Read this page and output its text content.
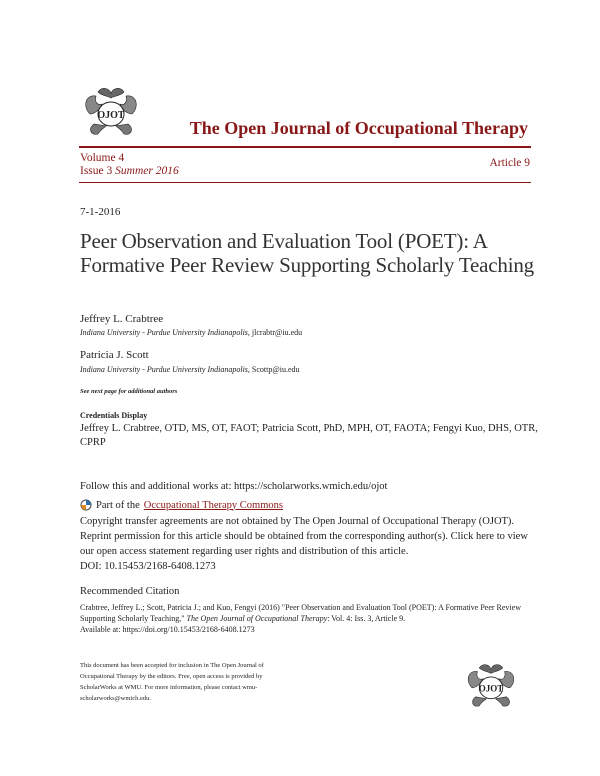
OJOT
The Open Journal of Occupational Therapy
Volume 4
Issue 3 Summer 2016
Article 9
7-1-2016
Peer Observation and Evaluation Tool (POET): A Formative Peer Review Supporting Scholarly Teaching
Jeffrey L. Crabtree
Indiana University - Purdue University Indianapolis, jlcrabtr@iu.edu
Patricia J. Scott
Indiana University - Purdue University Indianapolis, Scottp@iu.edu
See next page for additional authors
Credentials Display
Jeffrey L. Crabtree, OTD, MS, OT, FAOT; Patricia Scott, PhD, MPH, OT, FAOTA; Fengyi Kuo, DHS, OTR, CPRP
Follow this and additional works at: https://scholarworks.wmich.edu/ojot
Part of the Occupational Therapy Commons
Copyright transfer agreements are not obtained by The Open Journal of Occupational Therapy (OJOT). Reprint permission for this article should be obtained from the corresponding author(s). Click here to view our open access statement regarding user rights and distribution of this article.
DOI: 10.15453/2168-6408.1273
Recommended Citation
Crabtree, Jeffrey L.; Scott, Patricia J.; and Kuo, Fengyi (2016) "Peer Observation and Evaluation Tool (POET): A Formative Peer Review Supporting Scholarly Teaching," The Open Journal of Occupational Therapy: Vol. 4: Iss. 3, Article 9.
Available at: https://doi.org/10.15453/2168-6408.1273
This document has been accepted for inclusion in The Open Journal of Occupational Therapy by the editors. Free, open access is provided by ScholarWorks at WMU. For more information, please contact wmu-scholarworks@wmich.edu.
OJOT
